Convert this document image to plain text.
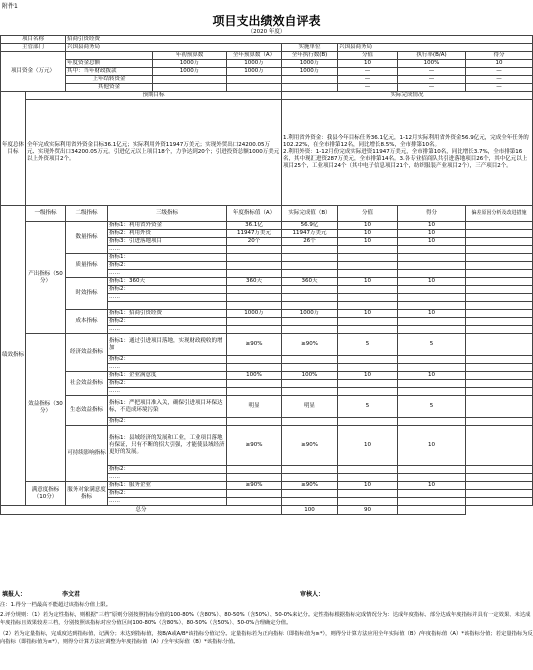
附件1
项目支出绩效自评表
（2020 年度）
项目名称		招商引资经费							
主管部门		兴国县商务局				实施单位	兴国县商务局		
项目资金（万元）				年初预算数	全年预算数（A）	全年执行数(B)	分值	执行率(B/A)	得分
		年度资金总额		1000万	1000万	1000万	10	100%	10
		其中：当年财政拨款		1000万	1000万	1000万	—	—	—
		上年结转资金					—	—	—
		其他资金					—	—	—
年度总体目标	预期目标					实际完成情况			
	全年完成实际利用省外资金目标36.1亿元；实际利用外资11947万美元；实现外贸出口24200.05万元、实现外贸出口34200.05万元。引进亿元以上项目18个，力争达到20个；引进投资总额1000万美元以上外资项目2个。					1.利用省外资金：我县今年目标任务36.1亿元，1-12月实际利用省外资金56.9亿元，完成全年任务的102.22%，在全市排第12名，同比增长8.5%，全市排第10名。
2.利用外资：1-12月份完成实际进资11947万美元，全市排第10名，同比增长3.7%，全市排第16名，其中现汇进资287万美元，全市排第14名。3.各专业招商队共引进落地项目26个，其中亿元以上项目25个，工业项目24个（其中电子信息项目21个，纺织服装产业项目2个），三产项目2个。			
绩效指标	一级指标	二级指标	三级指标		年度指标值（A）	实际完成值（B）	分值	得分	偏差原因分析及改进措施
	产出指标（50分）	数量指标	指标1：利用省外资金		36.1亿	56.9亿	10	10	
			指标2：利用外资		11947万美元	11947万美元	10	10	
			指标3：引进落地项目		20个	26个	10	10	
			……						
		质量指标	指标1：						
			指标2：						
			……						
		时效指标	指标1：360天		360天	360天	10	10	
			指标2：						
			……						

		成本指标	指标1：招商引资经费		1000万	1000万	10	10	
			指标2：						
			……						
	效益指标（30分）	经济效益指标	指标1：通过引进项目落地，实现财政税收的增加		≥90%	≥90%	5	5	
			指标2：						
			……						
		社会效益指标	指标1：企业满意度		100%	100%	10	10	
			指标2：						
			……						
		生态效益指标	指标1：严把项目准入关，确保引进项目环保达标，不造成环境污染		明显	明显	5	5	
			指标2：						
		可持续影响指标	指标1：县域经济的发展和工业，工业项目落地有保证，只有不断的招大引强，才能使县域经济更好的发展。		≥90%	≥90%	10	10	
			指标2：						
			……						
	满意度指标（10分）	服务对象满意度指标	指标1：服务企业		≥90%	≥90%	10	10	
			指标2：						
			……						
总分						100	90		
填报人：	李文君	审核人：

注：1.得分一档最高不能超过该指标分值上限。

2.评分规则：（1）若为定性指标，则根据“三档”原则分别按照指标分值的100-80%（含80%）、80-50%（含50%）、50-0%来记分。定性指标根据指标完成情况分为：达成年度指标、部分达成年度指标并具有一定效果、未达成年度指标且效果较差三档，分别按照该指标对应分值区间100-80%（含80%）、80-50%（含50%）、50-0%合理确定分值。

（2）若为定量指标，完成度达到指标值，记满分；未达到指标值，按B/A或A/B*该指标分值记分。定量指标若为正向指标（即指标值为≥*），则得分计算方法应用全年实际值（B）/年度指标值（A）*该指标分值；若定量指标为反向指标（即指标值为≤*），则得分计算方法应调整为年度指标值（A）/全年实际值（B）*该指标分值。
